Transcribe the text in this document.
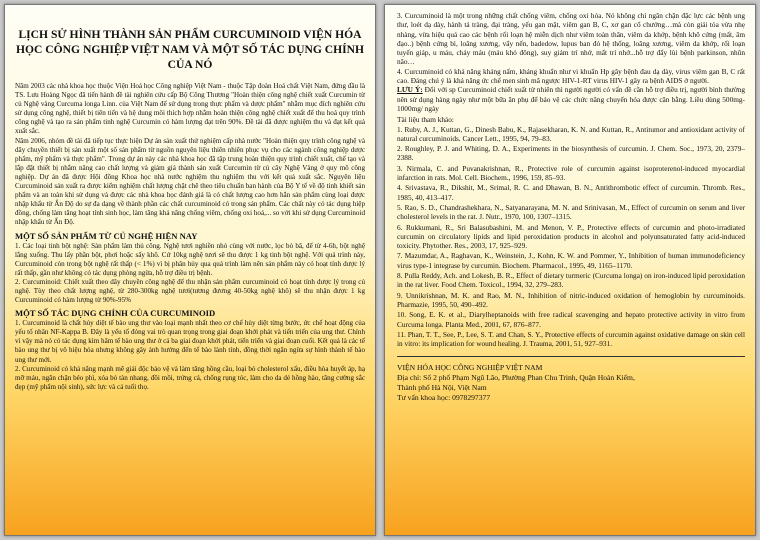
LỊCH SỬ HÌNH THÀNH SẢN PHẨM CURCUMINOID VIỆN HÓA HỌC CÔNG NGHIỆP VIỆT NAM VÀ MỘT SỐ TÁC DỤNG CHÍNH CỦA NÓ

Năm 2003 các nhà khoa học thuộc Viện Hoá học Công nghiệp Việt Nam - thuộc Tập đoàn Hoá chất Việt Nam, đứng đầu là TS. Lưu Hoàng Ngọc đã tiến hành đề tài nghiên cứu cấp Bộ Công Thương "Hoàn thiện công nghệ chiết xuất Curcumin từ củ Nghệ vàng Curcuma longa Linn. của Việt Nam để sử dụng trong thực phẩm và dược phẩm" nhằm mục đích nghiên cứu sử dụng công nghệ, thiết bị tiên tiến và hệ dung môi thích hợp nhằm hoàn thiện công nghệ chiết xuất để thu hoá quy trình công nghệ và tạo ra sản phẩm tinh nghệ Curcumin có hàm lượng đạt trên 90%. Đề tài đã được nghiệm thu và đạt kết quả xuất sắc.

Năm 2006, nhóm đề tài đã tiếp tục thực hiện Dự án sản xuất thử nghiệm cấp nhà nước "Hoàn thiện quy trình công nghệ và dây chuyền thiết bị sản xuất một số sản phẩm từ nguồn nguyên liệu thiên nhiên phục vụ cho các ngành công nghiệp dược phẩm, mỹ phẩm và thực phẩm". Trong dự án này các nhà khoa học đã tập trung hoàn thiện quy trình chiết xuất, chế tạo và lắp đặt thiết bị nhằm nâng cao chất lượng và giảm giá thành sản xuất Curcumin từ củ cây Nghệ Vàng ở quy mô công nghiệp. Dự án đã được Hội đồng Khoa học nhà nước nghiệm thu nghiệm thu với kết quả xuất sắc. Nguyên liệu Curcuminoid sản xuất ra được kiểm nghiệm chất lượng chặt chẽ theo tiêu chuẩn ban hành của Bộ Y tế về độ tinh khiết sản phẩm và an toàn khi sử dụng và được các nhà khoa học đánh giá là có chất lượng cao hơn hẳn sản phẩm cùng loại được nhập khẩu từ Ấn Độ do sự đa dạng về thành phần các chất curcuminoid có trong sản phẩm. Các chất này có tác dụng hiệp đồng, chống làm tăng hoạt tính sinh học, làm tăng khả năng chống viêm, chống oxi hoá,... so với khi sử dụng Curcuminoid nhập khẩu từ Ấn Độ.

MỘT SỐ SẢN PHẨM TỪ CỦ NGHỆ HIỆN NAY

1. Các loại tinh bột nghệ: Sản phẩm làm thủ công. Nghệ tươi nghiền nhỏ cùng với nước, lọc bỏ bã, để từ 4-6h, bột nghệ lắng xuống. Thu lấy phần bột, phơi hoặc sấy khô. Cứ 10kg nghệ tươi sẽ thu được 1 kg tinh bột nghệ. Với quá trình này, Curcuminoid còn trong bột nghệ rất thấp (< 1%) vì bị phân hủy qua quá trình làm nên sản phẩm này có hoạt tính dược lý rất thấp, gần như không có tác dụng phòng ngừa, hỗ trợ điều trị bệnh.

2. Curcuminoid: Chiết xuất theo dây chuyền công nghệ để thu nhận sản phẩm curcuminoid có hoạt tính dược lý trong củ nghệ. Tùy theo chất lượng nghệ, từ 280-300kg nghệ tươi(tương đương 40-50kg nghệ khô) sẽ thu nhận được 1 kg Curcuminoid có hàm lượng từ 90%-95%

MỘT SỐ TÁC DỤNG CHÍNH CỦA CURCUMINOID

1. Curcuminoid là chất hủy diệt tế bào ung thư vào loại mạnh nhất theo cơ chế hủy diệt từng bước, ức chế hoạt động của yếu tố nhân NF-Kappa B. Đây là yếu tố đóng vai trò quan trọng trong giai đoạn khởi phát và tiến triển của ung thư. Chính vì vậy mà nó có tác dụng kìm hãm tế bào ung thư ở cả ba giai đoạn khởi phát, tiến triển và giai đoạn cuối. Kết quả là các tế bào ung thư bị vô hiệu hóa nhưng không gây ảnh hưởng đến tế bào lành tính, đồng thời ngăn ngừa sự hình thành tế bào ung thư mới.

2. Curcuminoid có khả năng mạnh mẽ giải độc bảo vệ và làm tăng hồng cầu, loại bỏ cholesterol xấu, điều hòa huyết áp, hạ mỡ máu, ngăn chặn béo phì, xóa bỏ tàn nhang, đồi mồi, trứng cá, chống rụng tóc, làm cho da dẻ hồng hào, tăng cường sắc đẹp (mỹ phẩm nội sinh), sức lực và cả tuổi thọ.

3. Curcuminoid là một trong những chất chống viêm, chống oxi hóa. Nó không chỉ ngăn chặn đặc lực các bệnh ung thư, loét dạ dày, hành tá tràng, đại tràng, yếu gan mật, viêm gan B, C, xơ gan cổ chướng…mà còn giải tỏa vừa nhẹ nhàng, vừa hiệu quả cao các bệnh rối loạn hệ miễn dịch như viêm toàn thân, viêm da khớp, bệnh khô cứng (mất, âm đạo..) bệnh cứng bì, loãng xương, vẩy nến, badedow, lupus ban đỏ hệ thống, loãng xương, viêm da khớp, rối loạn tuyến giáp, u máu, chảy máu (máu khó đông), suy giảm trí nhớ, mất trí nhớ...hỗ trợ đẩy lùi bệnh parkinson, nhũn não…

4. Curcuminoid có khả năng kháng nấm, kháng khuẩn như vi khuẩn Hp gây bệnh đau dạ dày, virus viêm gan B, C rất cao. Đáng chú ý là khả năng ức chế men sinh mã ngược HIV-1-RT virus HIV-1 gây ra bệnh AIDS ở người.

LƯU Ý: Đối với sp Curcuminoid chiết xuất từ nhiên thì người người có vấn đề cần hỗ trợ điều trị, người bình thường nên sử dụng hàng ngày như một bữa ăn phụ để bảo vệ các chức năng chuyển hóa được cân bằng. Liều dùng 500mg-1000mg/ ngày

Tài liệu tham khảo:

1. Ruby, A. J., Kuttan, G., Dinesh Babu, K., Rajasekharan, K. N. and Kuttan, R., Antitumor and antioxidant activity of natural curcuminoids. Cancer Lett., 1995, 94, 79–83.

2. Roughley, P. J. and Whiting, D. A., Experiments in the biosynthesis of curcumin. J. Chem. Soc., 1973, 20, 2379–2388.

3. Nirmala, C. and Puvanakrishnan, R., Protective role of curcumin against isoproterenol-induced myocardial infarction in rats. Mol. Cell. Biochem., 1996, 159, 85–93.

4. Srivastava, R., Dikshit, M., Srimal, R. C. and Dhawan, B. N., Antithrombotic effect of curcumin. Thromb. Res., 1985, 40, 413–417.

5. Rao, S. D., Chandrashekhara, N., Satyanarayana, M. N. and Srinivasan, M., Effect of curcumin on serum and liver cholesterol levels in the rat. J. Nutr., 1970, 100, 1307–1315.

6. Rukkumani, R., Sri Balasubashini, M. and Menon, V. P., Protective effects of curcumin and photo-irradiated curcumin on circulatory lipids and lipid peroxidation products in alcohol and polyunsaturated fatty acid-induced toxicity. Phytother. Res., 2003, 17, 925–929.

7. Mazumdar, A., Raghavan, K., Weinstein, J., Kohn, K. W. and Pommer, Y., Inhibition of human immunodeficiency virus type-1 integrase by curcumin. Biochem. Pharmacol., 1995, 49, 1165–1170.

8. Pulla Reddy, Ach. and Lokesh, B. R., Effect of dietary turmeric (Curcuma longa) on iron-induced lipid peroxidation in the rat liver. Food Chem. Toxicol., 1994, 32, 279–283.

9. Unnikrishnan, M. K. and Rao, M. N., Inhibition of nitric-induced oxidation of hemoglobin by curcuminoids. Pharmazie, 1995, 50, 490–492.

10. Song, E. K. et al., Diarylheptanoids with free radical scavenging and hepato protective activity in vitro from Curcuma longa. Planta Med., 2001, 67, 876–877.

11. Phan, T. T., See, P., Lee, S. T. and Chan, S. Y., Protective effects of curcumin against oxidative damage on skin cell in vitro: its implication for wound healing. J. Trauma, 2001, 51, 927–931.

VIỆN HÓA HỌC CÔNG NGHIỆP VIỆT NAM

Địa chỉ: Số 2 phố Phạm Ngũ Lão, Phường Phan Chu Trinh, Quận Hoàn Kiếm,

Thành phố Hà Nội, Việt Nam

Tư vấn khoa học: 0978297377
